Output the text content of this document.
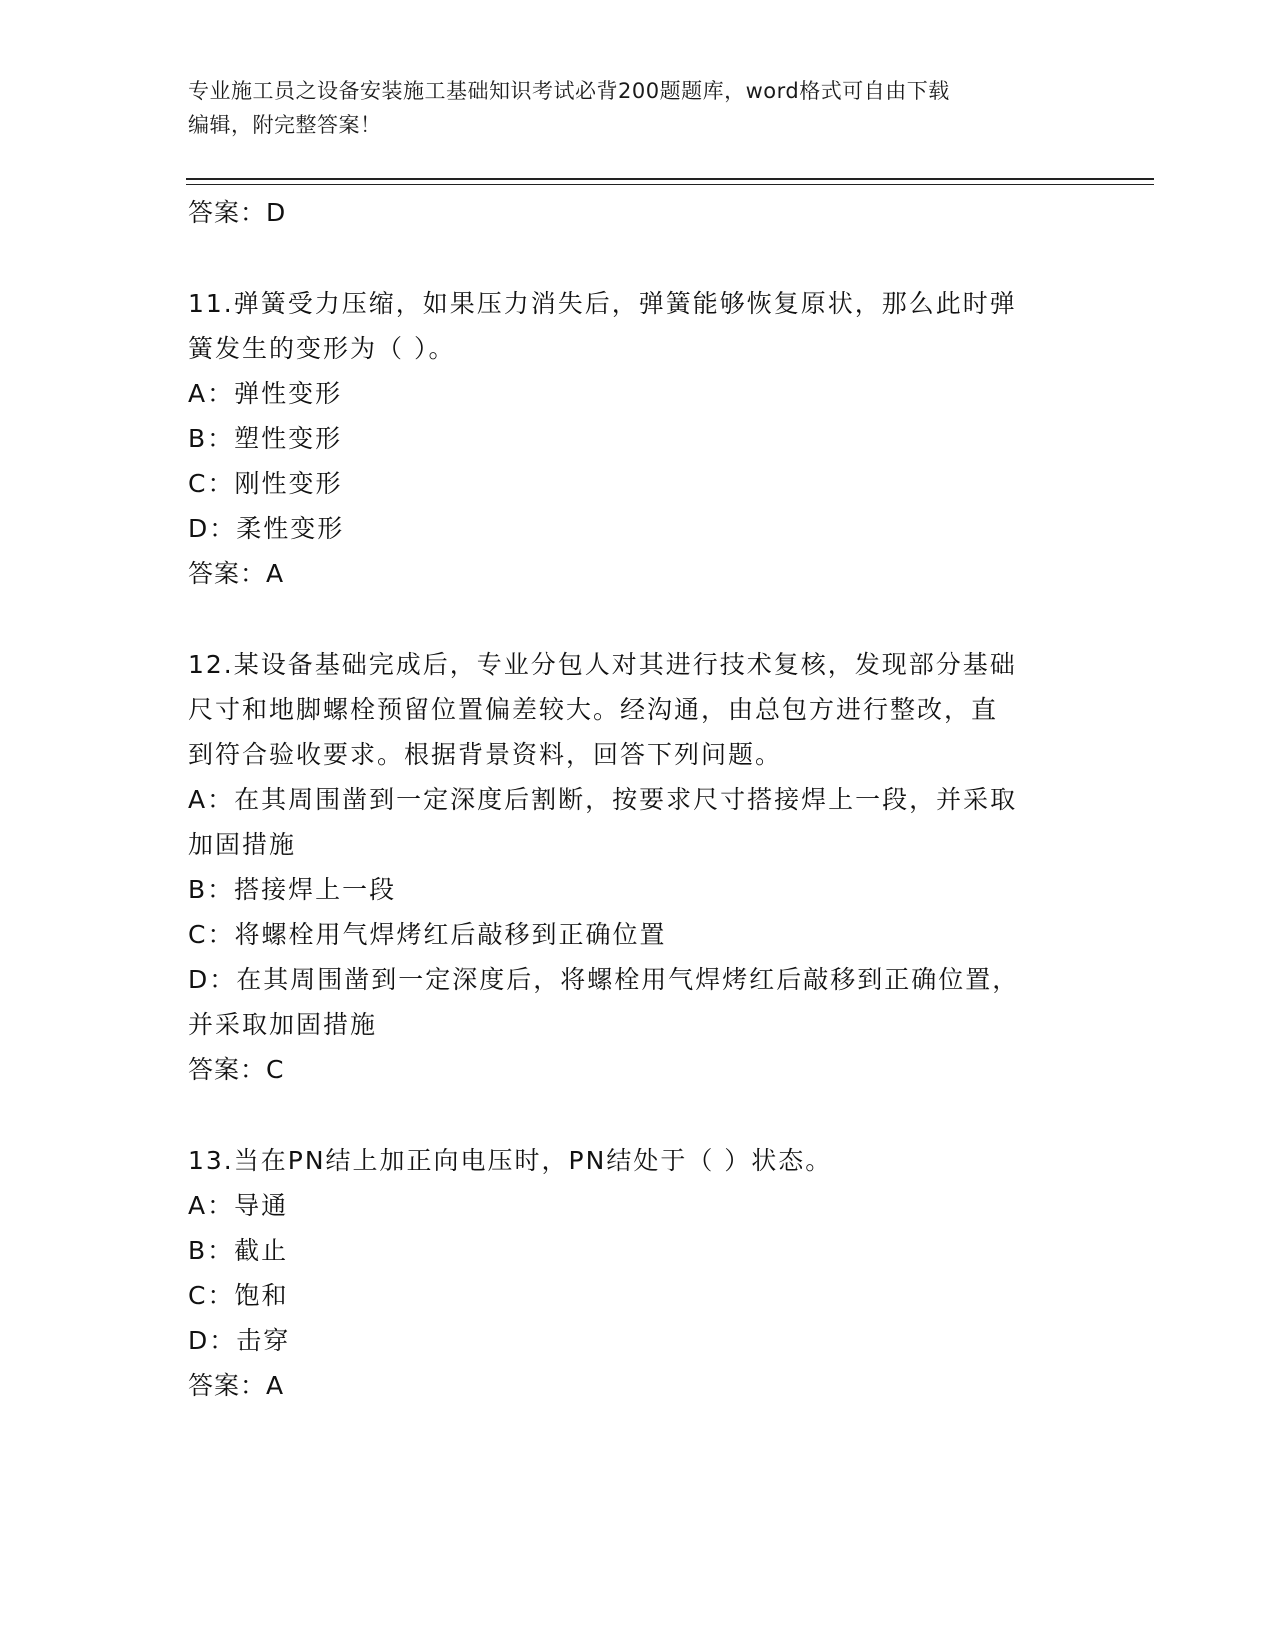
专业施工员之设备安装施工基础知识考试必背200题题库，word格式可自由下载
编辑，附完整答案！
答案：D
11.弹簧受力压缩，如果压力消失后，弹簧能够恢复原状，那么此时弹
簧发生的变形为（ ）。
A：弹性变形
B：塑性变形
C：刚性变形
D：柔性变形
答案：A
12.某设备基础完成后，专业分包人对其进行技术复核，发现部分基础
尺寸和地脚螺栓预留位置偏差较大。经沟通，由总包方进行整改，直
到符合验收要求。根据背景资料，回答下列问题。
A：在其周围凿到一定深度后割断，按要求尺寸搭接焊上一段，并采取
加固措施
B：搭接焊上一段
C：将螺栓用气焊烤红后敲移到正确位置
D：在其周围凿到一定深度后，将螺栓用气焊烤红后敲移到正确位置，
并采取加固措施
答案：C
13.当在PN结上加正向电压时，PN结处于（ ）状态。
A：导通
B：截止
C：饱和
D：击穿
答案：A
